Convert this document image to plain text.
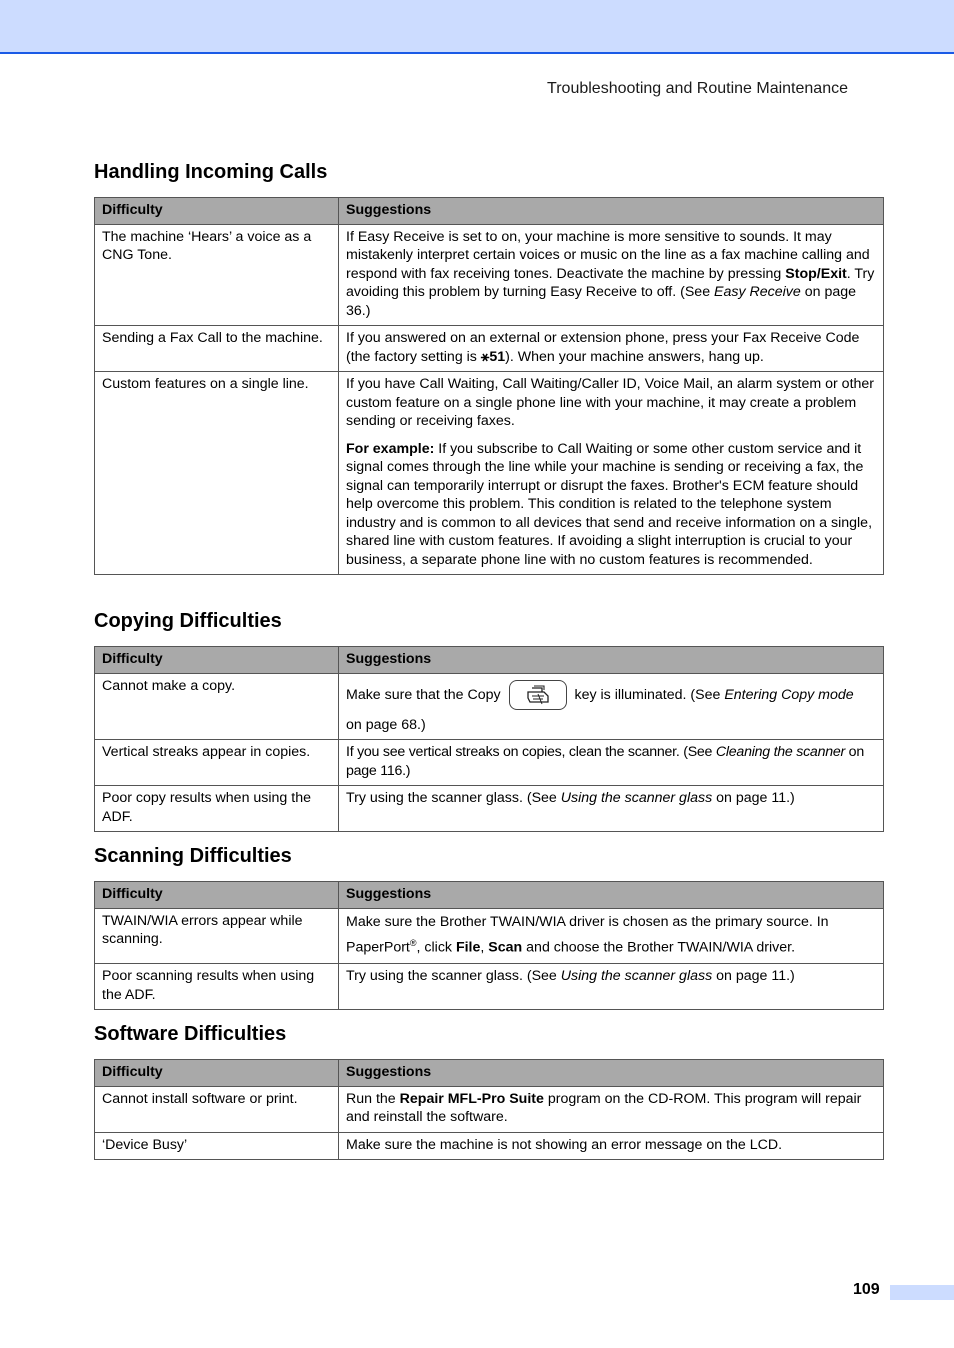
Troubleshooting and Routine Maintenance
Handling Incoming Calls
Difficulty	Suggestions
The machine ‘Hears’ a voice as a CNG Tone.	If Easy Receive is set to on, your machine is more sensitive to sounds. It may mistakenly interpret certain voices or music on the line as a fax machine calling and respond with fax receiving tones. Deactivate the machine by pressing Stop/Exit. Try avoiding this problem by turning Easy Receive to off. (See Easy Receive on page 36.)
Sending a Fax Call to the machine.	If you answered on an external or extension phone, press your Fax Receive Code (the factory setting is ⚹51). When your machine answers, hang up.
Custom features on a single line.	If you have Call Waiting, Call Waiting/Caller ID, Voice Mail, an alarm system or other custom feature on a single phone line with your machine, it may create a problem sending or receiving faxes.

For example: If you subscribe to Call Waiting or some other custom service and it signal comes through the line while your machine is sending or receiving a fax, the signal can temporarily interrupt or disrupt the faxes. Brother's ECM feature should help overcome this problem. This condition is related to the telephone system industry and is common to all devices that send and receive information on a single, shared line with custom features. If avoiding a slight interruption is crucial to your business, a separate phone line with no custom features is recommended.

Copying Difficulties
Difficulty	Suggestions
Cannot make a copy.	Make sure that the Copy key is illuminated. (See Entering Copy mode
on page 68.)
Vertical streaks appear in copies.	If you see vertical streaks on copies, clean the scanner. (See Cleaning the scanner on page 116.)
Poor copy results when using the ADF.	Try using the scanner glass. (See Using the scanner glass on page 11.)
Scanning Difficulties
Difficulty	Suggestions
TWAIN/WIA errors appear while scanning.	Make sure the Brother TWAIN/WIA driver is chosen as the primary source. In PaperPort®, click File, Scan and choose the Brother TWAIN/WIA driver.
Poor scanning results when using the ADF.	Try using the scanner glass. (See Using the scanner glass on page 11.)
Software Difficulties
Difficulty	Suggestions
Cannot install software or print.	Run the Repair MFL-Pro Suite program on the CD-ROM. This program will repair and reinstall the software.
‘Device Busy’	Make sure the machine is not showing an error message on the LCD.
109
